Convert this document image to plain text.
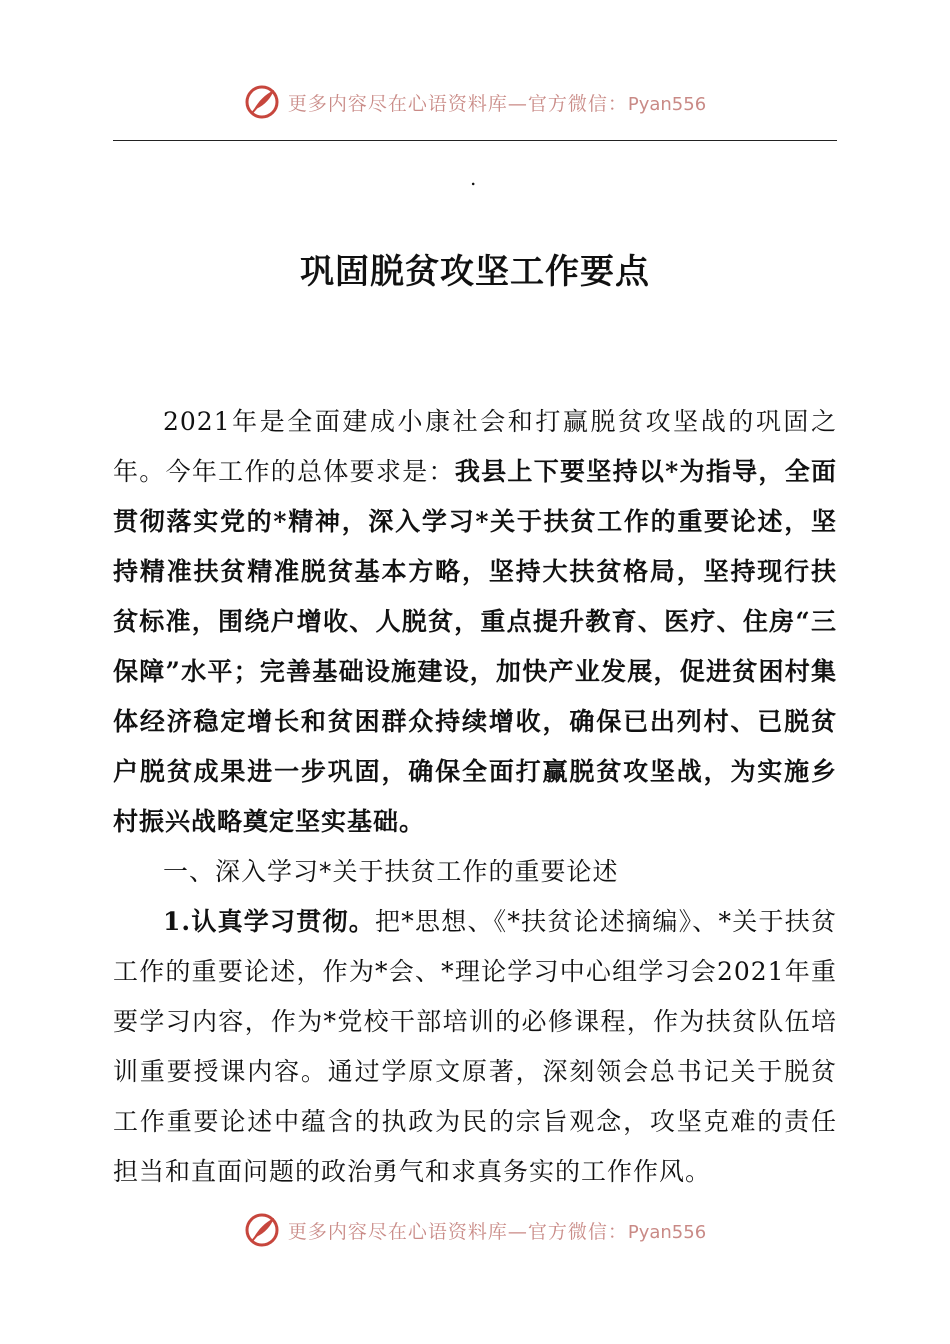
更多内容尽在心语资料库—官方微信：Pyan556
.
巩固脱贫攻坚工作要点

2021年是全面建成小康社会和打赢脱贫攻坚战的巩固之年。今年工作的总体要求是：我县上下要坚持以*为指导，全面贯彻落实党的*精神，深入学习*关于扶贫工作的重要论述，坚持精准扶贫精准脱贫基本方略，坚持大扶贫格局，坚持现行扶贫标准，围绕户增收、人脱贫，重点提升教育、医疗、住房“三保障”水平；完善基础设施建设，加快产业发展，促进贫困村集体经济稳定增长和贫困群众持续增收，确保已出列村、已脱贫户脱贫成果进一步巩固，确保全面打赢脱贫攻坚战，为实施乡村振兴战略奠定坚实基础。

一、深入学习*关于扶贫工作的重要论述

1.认真学习贯彻。把*思想、《*扶贫论述摘编》、*关于扶贫工作的重要论述，作为*会、*理论学习中心组学习会2021年重要学习内容，作为*党校干部培训的必修课程，作为扶贫队伍培训重要授课内容。通过学原文原著，深刻领会总书记关于脱贫工作重要论述中蕴含的执政为民的宗旨观念，攻坚克难的责任担当和直面问题的政治勇气和求真务实的工作作风。

更多内容尽在心语资料库—官方微信：Pyan556
